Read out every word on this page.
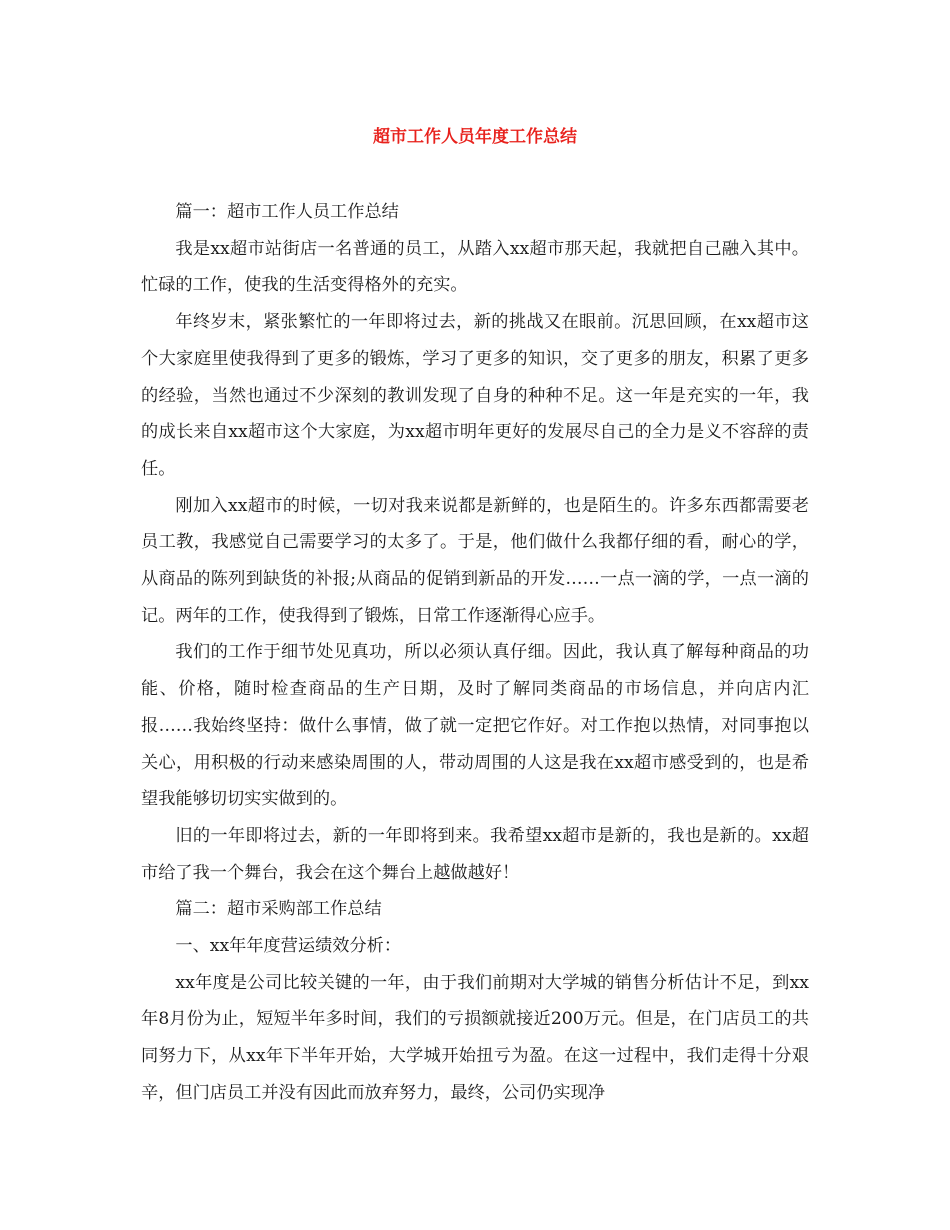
超市工作人员年度工作总结

篇一：超市工作人员工作总结

我是xx超市站街店一名普通的员工，从踏入xx超市那天起，我就把自己融入其中。忙碌的工作，使我的生活变得格外的充实。

年终岁末，紧张繁忙的一年即将过去，新的挑战又在眼前。沉思回顾，在xx超市这个大家庭里使我得到了更多的锻炼，学习了更多的知识，交了更多的朋友，积累了更多的经验，当然也通过不少深刻的教训发现了自身的种种不足。这一年是充实的一年，我的成长来自xx超市这个大家庭，为xx超市明年更好的发展尽自己的全力是义不容辞的责任。

刚加入xx超市的时候，一切对我来说都是新鲜的，也是陌生的。许多东西都需要老员工教，我感觉自己需要学习的太多了。于是，他们做什么我都仔细的看，耐心的学，从商品的陈列到缺货的补报;从商品的促销到新品的开发……一点一滴的学，一点一滴的记。两年的工作，使我得到了锻炼，日常工作逐渐得心应手。

我们的工作于细节处见真功，所以必须认真仔细。因此，我认真了解每种商品的功能、价格，随时检查商品的生产日期，及时了解同类商品的市场信息，并向店内汇报……我始终坚持：做什么事情，做了就一定把它作好。对工作抱以热情，对同事抱以关心，用积极的行动来感染周围的人，带动周围的人这是我在xx超市感受到的，也是希望我能够切切实实做到的。

旧的一年即将过去，新的一年即将到来。我希望xx超市是新的，我也是新的。xx超市给了我一个舞台，我会在这个舞台上越做越好！

篇二：超市采购部工作总结

一、xx年年度营运绩效分析：

xx年度是公司比较关键的一年，由于我们前期对大学城的销售分析估计不足，到xx年8月份为止，短短半年多时间，我们的亏损额就接近200万元。但是，在门店员工的共同努力下，从xx年下半年开始，大学城开始扭亏为盈。在这一过程中，我们走得十分艰辛，但门店员工并没有因此而放弃努力，最终，公司仍实现净
